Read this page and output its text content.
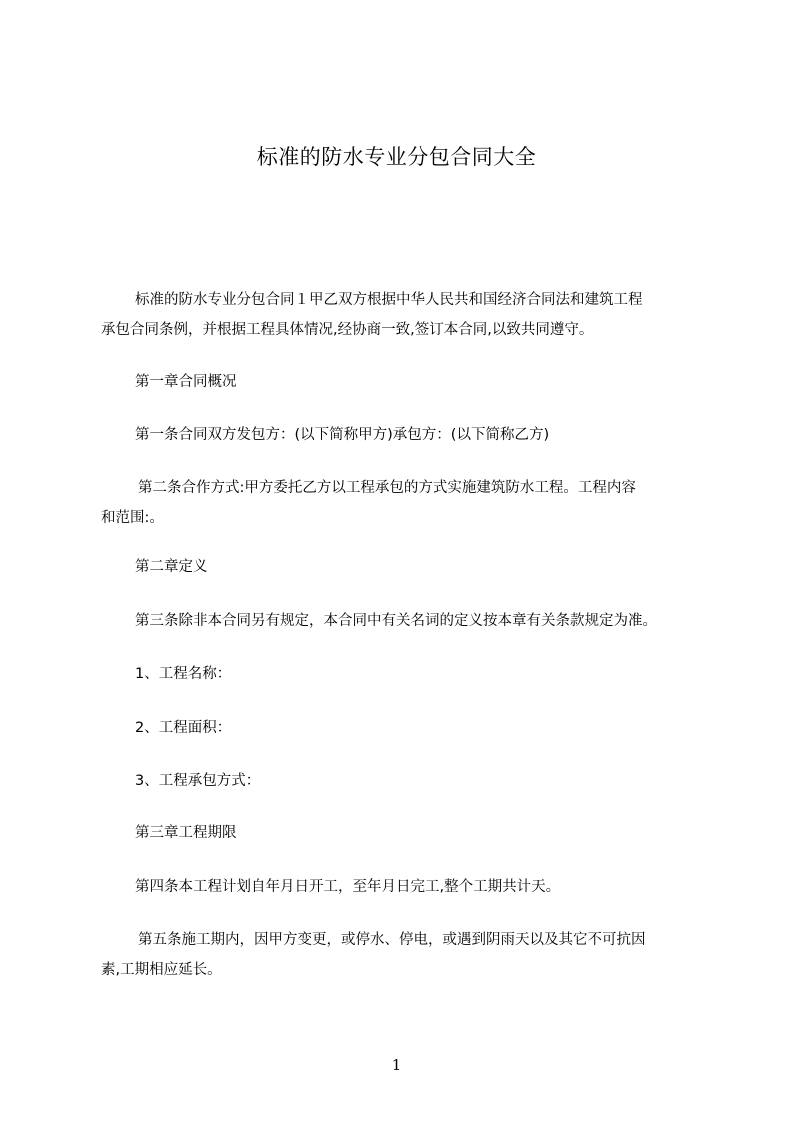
标准的防水专业分包合同大全
标准的防水专业分包合同１甲乙双方根据中华人民共和国经济合同法和建筑工程
承包合同条例，并根据工程具体情况,经协商一致,签订本合同,以致共同遵守。
第一章合同概况
第一条合同双方发包方：(以下简称甲方)承包方：(以下简称乙方)
第二条合作方式:甲方委托乙方以工程承包的方式实施建筑防水工程。工程内容
和范围:。
第二章定义
第三条除非本合同另有规定，本合同中有关名词的定义按本章有关条款规定为准。
1、工程名称：
2、工程面积：
3、工程承包方式：
第三章工程期限
第四条本工程计划自年月日开工，至年月日完工,整个工期共计天。
第五条施工期内，因甲方变更，或停水、停电，或遇到阴雨天以及其它不可抗因
素,工期相应延长。
1
